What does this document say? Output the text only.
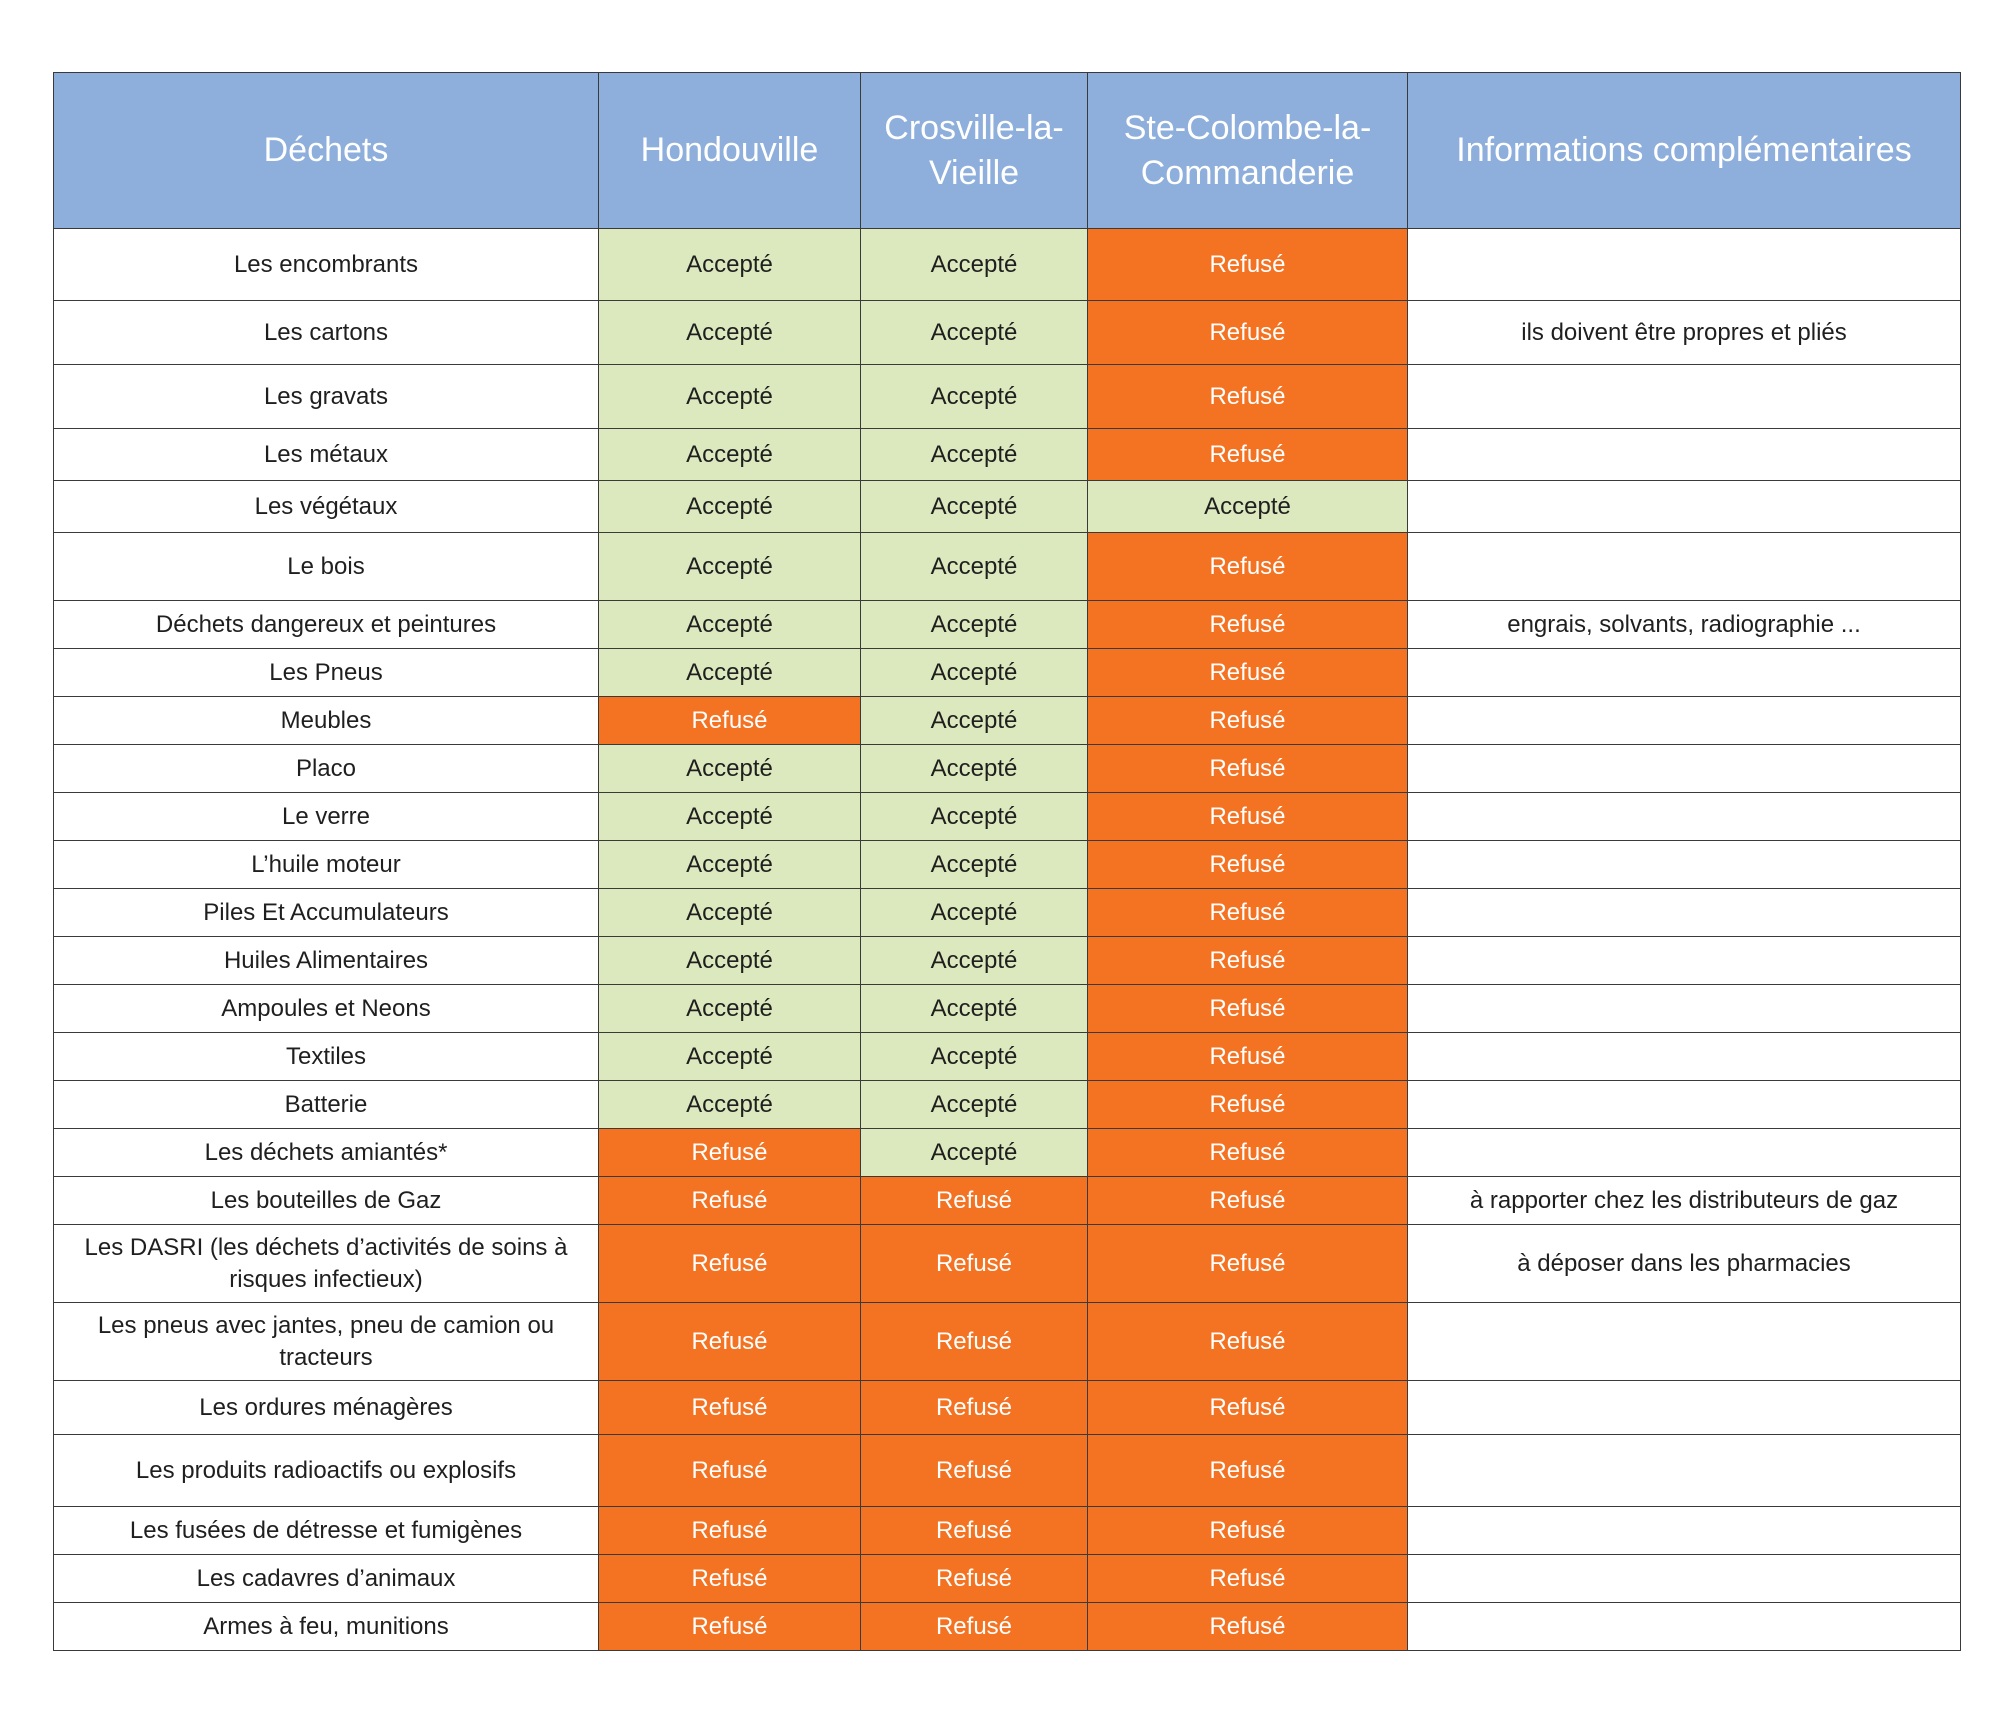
Déchets	Hondouville	Crosville-la-Vieille	Ste-Colombe-la-Commanderie	Informations complémentaires
Les encombrants	Accepté	Accepté	Refusé	
Les cartons	Accepté	Accepté	Refusé	ils doivent être propres et pliés
Les gravats	Accepté	Accepté	Refusé	
Les métaux	Accepté	Accepté	Refusé	
Les végétaux	Accepté	Accepté	Accepté	
Le bois	Accepté	Accepté	Refusé	
Déchets dangereux et peintures	Accepté	Accepté	Refusé	engrais, solvants, radiographie ...
Les Pneus	Accepté	Accepté	Refusé	
Meubles	Refusé	Accepté	Refusé	
Placo	Accepté	Accepté	Refusé	
Le verre	Accepté	Accepté	Refusé	
L’huile moteur	Accepté	Accepté	Refusé	
Piles Et Accumulateurs	Accepté	Accepté	Refusé	
Huiles Alimentaires	Accepté	Accepté	Refusé	
Ampoules et Neons	Accepté	Accepté	Refusé	
Textiles	Accepté	Accepté	Refusé	
Batterie	Accepté	Accepté	Refusé	
Les déchets amiantés*	Refusé	Accepté	Refusé	
Les bouteilles de Gaz	Refusé	Refusé	Refusé	à rapporter chez les distributeurs de gaz
Les DASRI (les déchets d’activités de soins à risques infectieux)	Refusé	Refusé	Refusé	à déposer dans les pharmacies
Les pneus avec jantes, pneu de camion ou tracteurs	Refusé	Refusé	Refusé	
Les ordures ménagères	Refusé	Refusé	Refusé	
Les produits radioactifs ou explosifs	Refusé	Refusé	Refusé	
Les fusées de détresse et fumigènes	Refusé	Refusé	Refusé	
Les cadavres d’animaux	Refusé	Refusé	Refusé	
Armes à feu, munitions	Refusé	Refusé	Refusé	
